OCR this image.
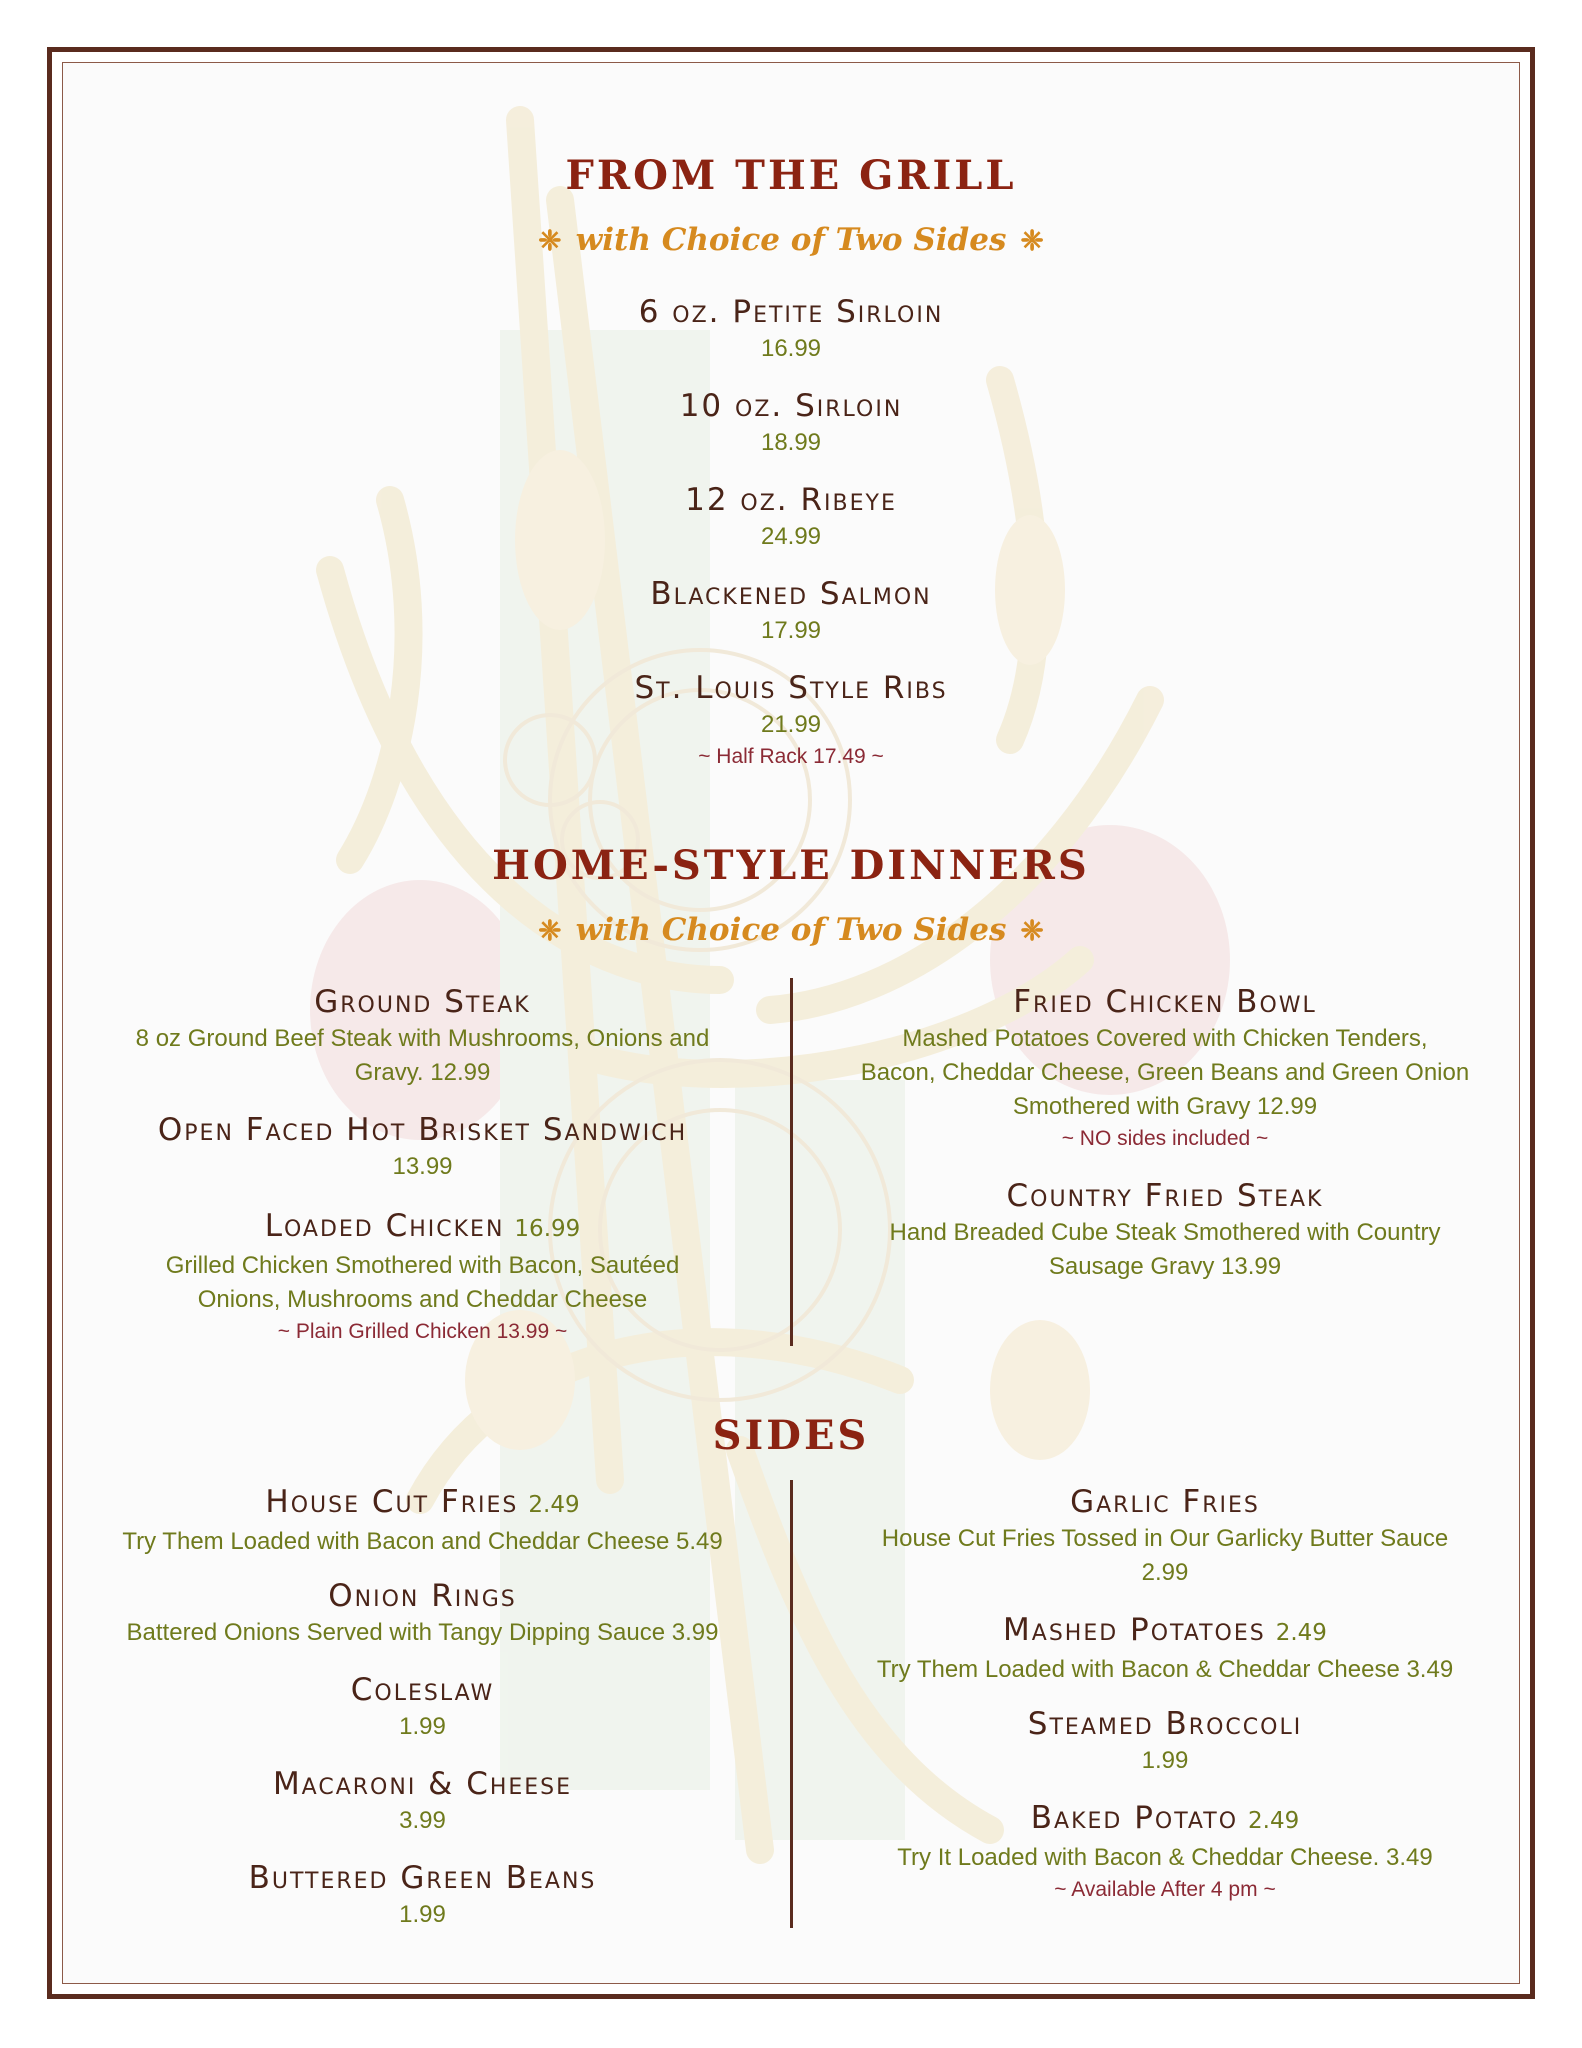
FROM THE GRILL
❈ with Choice of Two Sides ❈

6 oz. Petite Sirloin

16.99

10 oz. Sirloin

18.99

12 oz. Ribeye

24.99

Blackened Salmon

17.99

St. Louis Style Ribs

21.99

~ Half Rack 17.49 ~

HOME-STYLE DINNERS
❈ with Choice of Two Sides ❈

Ground Steak

8 oz Ground Beef Steak with Mushrooms, Onions and

Gravy. 12.99

Open Faced Hot Brisket Sandwich

13.99

Loaded Chicken 16.99

Grilled Chicken Smothered with Bacon, Sautéed

Onions, Mushrooms and Cheddar Cheese

~ Plain Grilled Chicken 13.99 ~

Fried Chicken Bowl

Mashed Potatoes Covered with Chicken Tenders,

Bacon, Cheddar Cheese, Green Beans and Green Onion

Smothered with Gravy 12.99

~ NO sides included ~

Country Fried Steak

Hand Breaded Cube Steak Smothered with Country

Sausage Gravy 13.99

SIDES

House Cut Fries 2.49

Try Them Loaded with Bacon and Cheddar Cheese 5.49

Onion Rings

Battered Onions Served with Tangy Dipping Sauce 3.99

Coleslaw

1.99

Macaroni & Cheese

3.99

Buttered Green Beans

1.99

Garlic Fries

House Cut Fries Tossed in Our Garlicky Butter Sauce

2.99

Mashed Potatoes 2.49

Try Them Loaded with Bacon & Cheddar Cheese 3.49

Steamed Broccoli

1.99

Baked Potato 2.49

Try It Loaded with Bacon & Cheddar Cheese. 3.49

~ Available After 4 pm ~
